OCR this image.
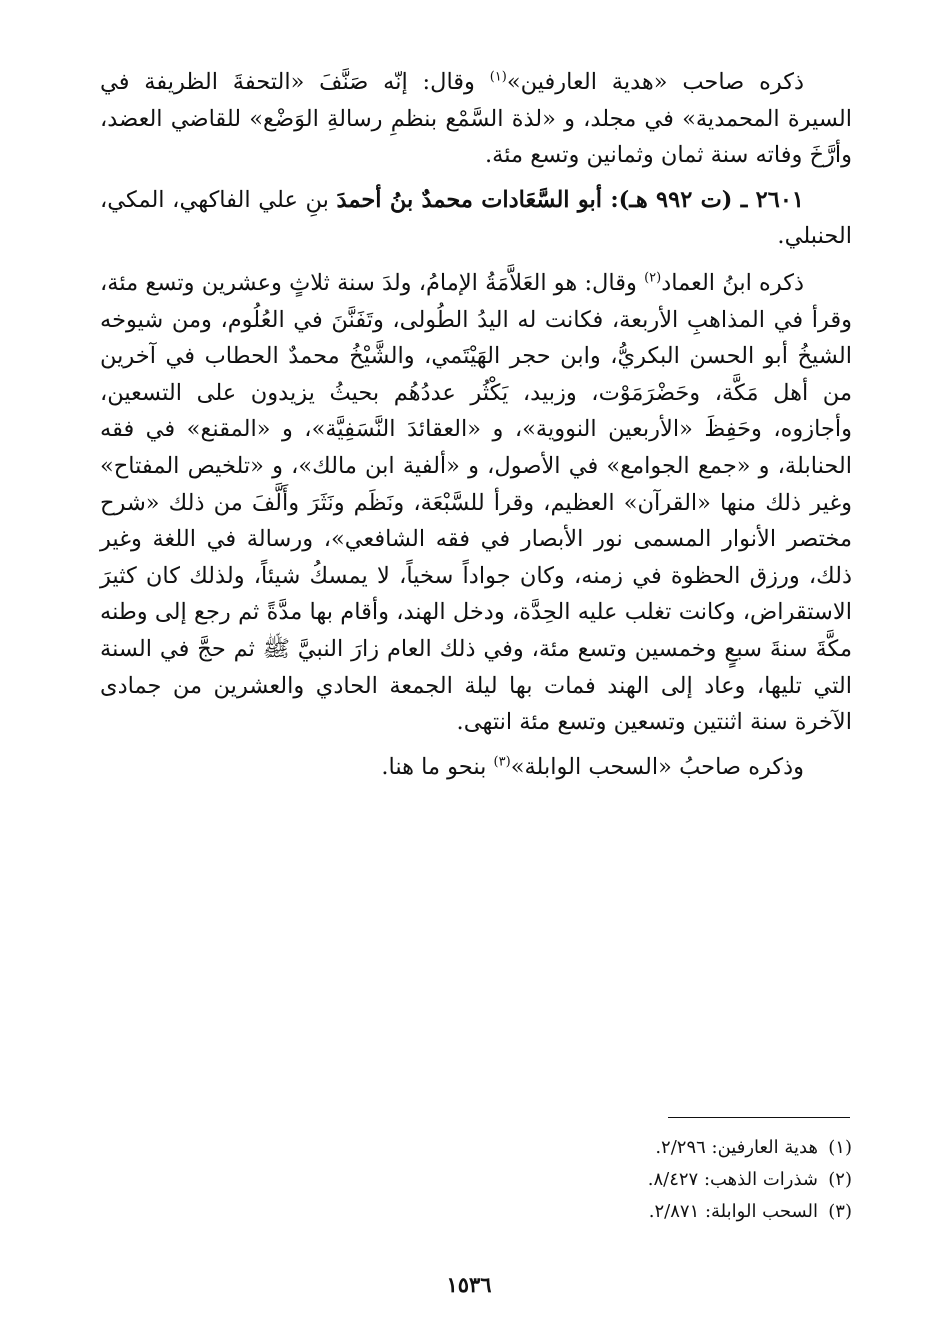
ذكره صاحب «هدية العارفين»$^{(١)}$ وقال: إنّه صَنَّفَ «التحفةَ الظريفة في السيرة المحمدية» في مجلد، و «لذة السَّمْع بنظمِ رسالةِ الوَضْع» للقاضي العضد، وأرَّخَ وفاته سنة ثمان وثمانين وتسع مئة.

٢٦٠١ ـ (ت ٩٩٢ هـ): أبو السَّعَادات محمدٌ بنُ أحمدَ بنِ علي الفاكهي، المكي، الحنبلي.

ذكره ابنُ العماد$^{(٢)}$ وقال: هو العَلاَّمَةُ الإمامُ، ولدَ سنة ثلاثٍ وعشرين وتسع مئة، وقرأ في المذاهبِ الأربعة، فكانت له اليدُ الطُولى، وتَفَنَّنَ في العُلُوم، ومن شيوخه الشيخُ أبو الحسن البكريُّ، وابن حجر الهَيْتَمي، والشَّيْخُ محمدٌ الحطاب في آخرين من أهل مَكَّة، وحَضْرَمَوْت، وزبيد، يَكْثُر عددُهُم بحيثُ يزيدون على التسعين، وأجازوه، وحَفِظَ «الأربعين النووية»، و «العقائدَ النَّسَفِيَّة»، و «المقنع» في فقه الحنابلة، و «جمع الجوامع» في الأصول، و «ألفية ابن مالك»، و «تلخيص المفتاح» وغير ذلك منها «القرآن» العظيم، وقرأ للسَّبْعَة، ونَظَم ونَثَرَ وأَلَّفَ من ذلك «شرح مختصر الأنوار المسمى نور الأبصار في فقه الشافعي»، ورسالة في اللغة وغير ذلك، ورزق الحظوة في زمنه، وكان جواداً سخياً، لا يمسكُ شيئاً، ولذلك كان كثيرَ الاستقراض، وكانت تغلب عليه الحِدَّة، ودخل الهند، وأقام بها مدَّةً ثم رجع إلى وطنه مكَّةَ سنةَ سبعٍ وخمسين وتسع مئة، وفي ذلك العام زارَ النبيَّ ﷺ ثم حجَّ في السنة التي تليها، وعاد إلى الهند فمات بها ليلة الجمعة الحادي والعشرين من جمادى الآخرة سنة اثنتين وتسعين وتسع مئة انتهى.

وذكره صاحبُ «السحب الوابلة»$^{(٣)}$ بنحو ما هنا.

(١)هدية العارفين: ٢/٢٩٦.
(٢)شذرات الذهب: ٨/٤٢٧.
(٣)السحب الوابلة: ٢/٨٧١.
١٥٣٦
